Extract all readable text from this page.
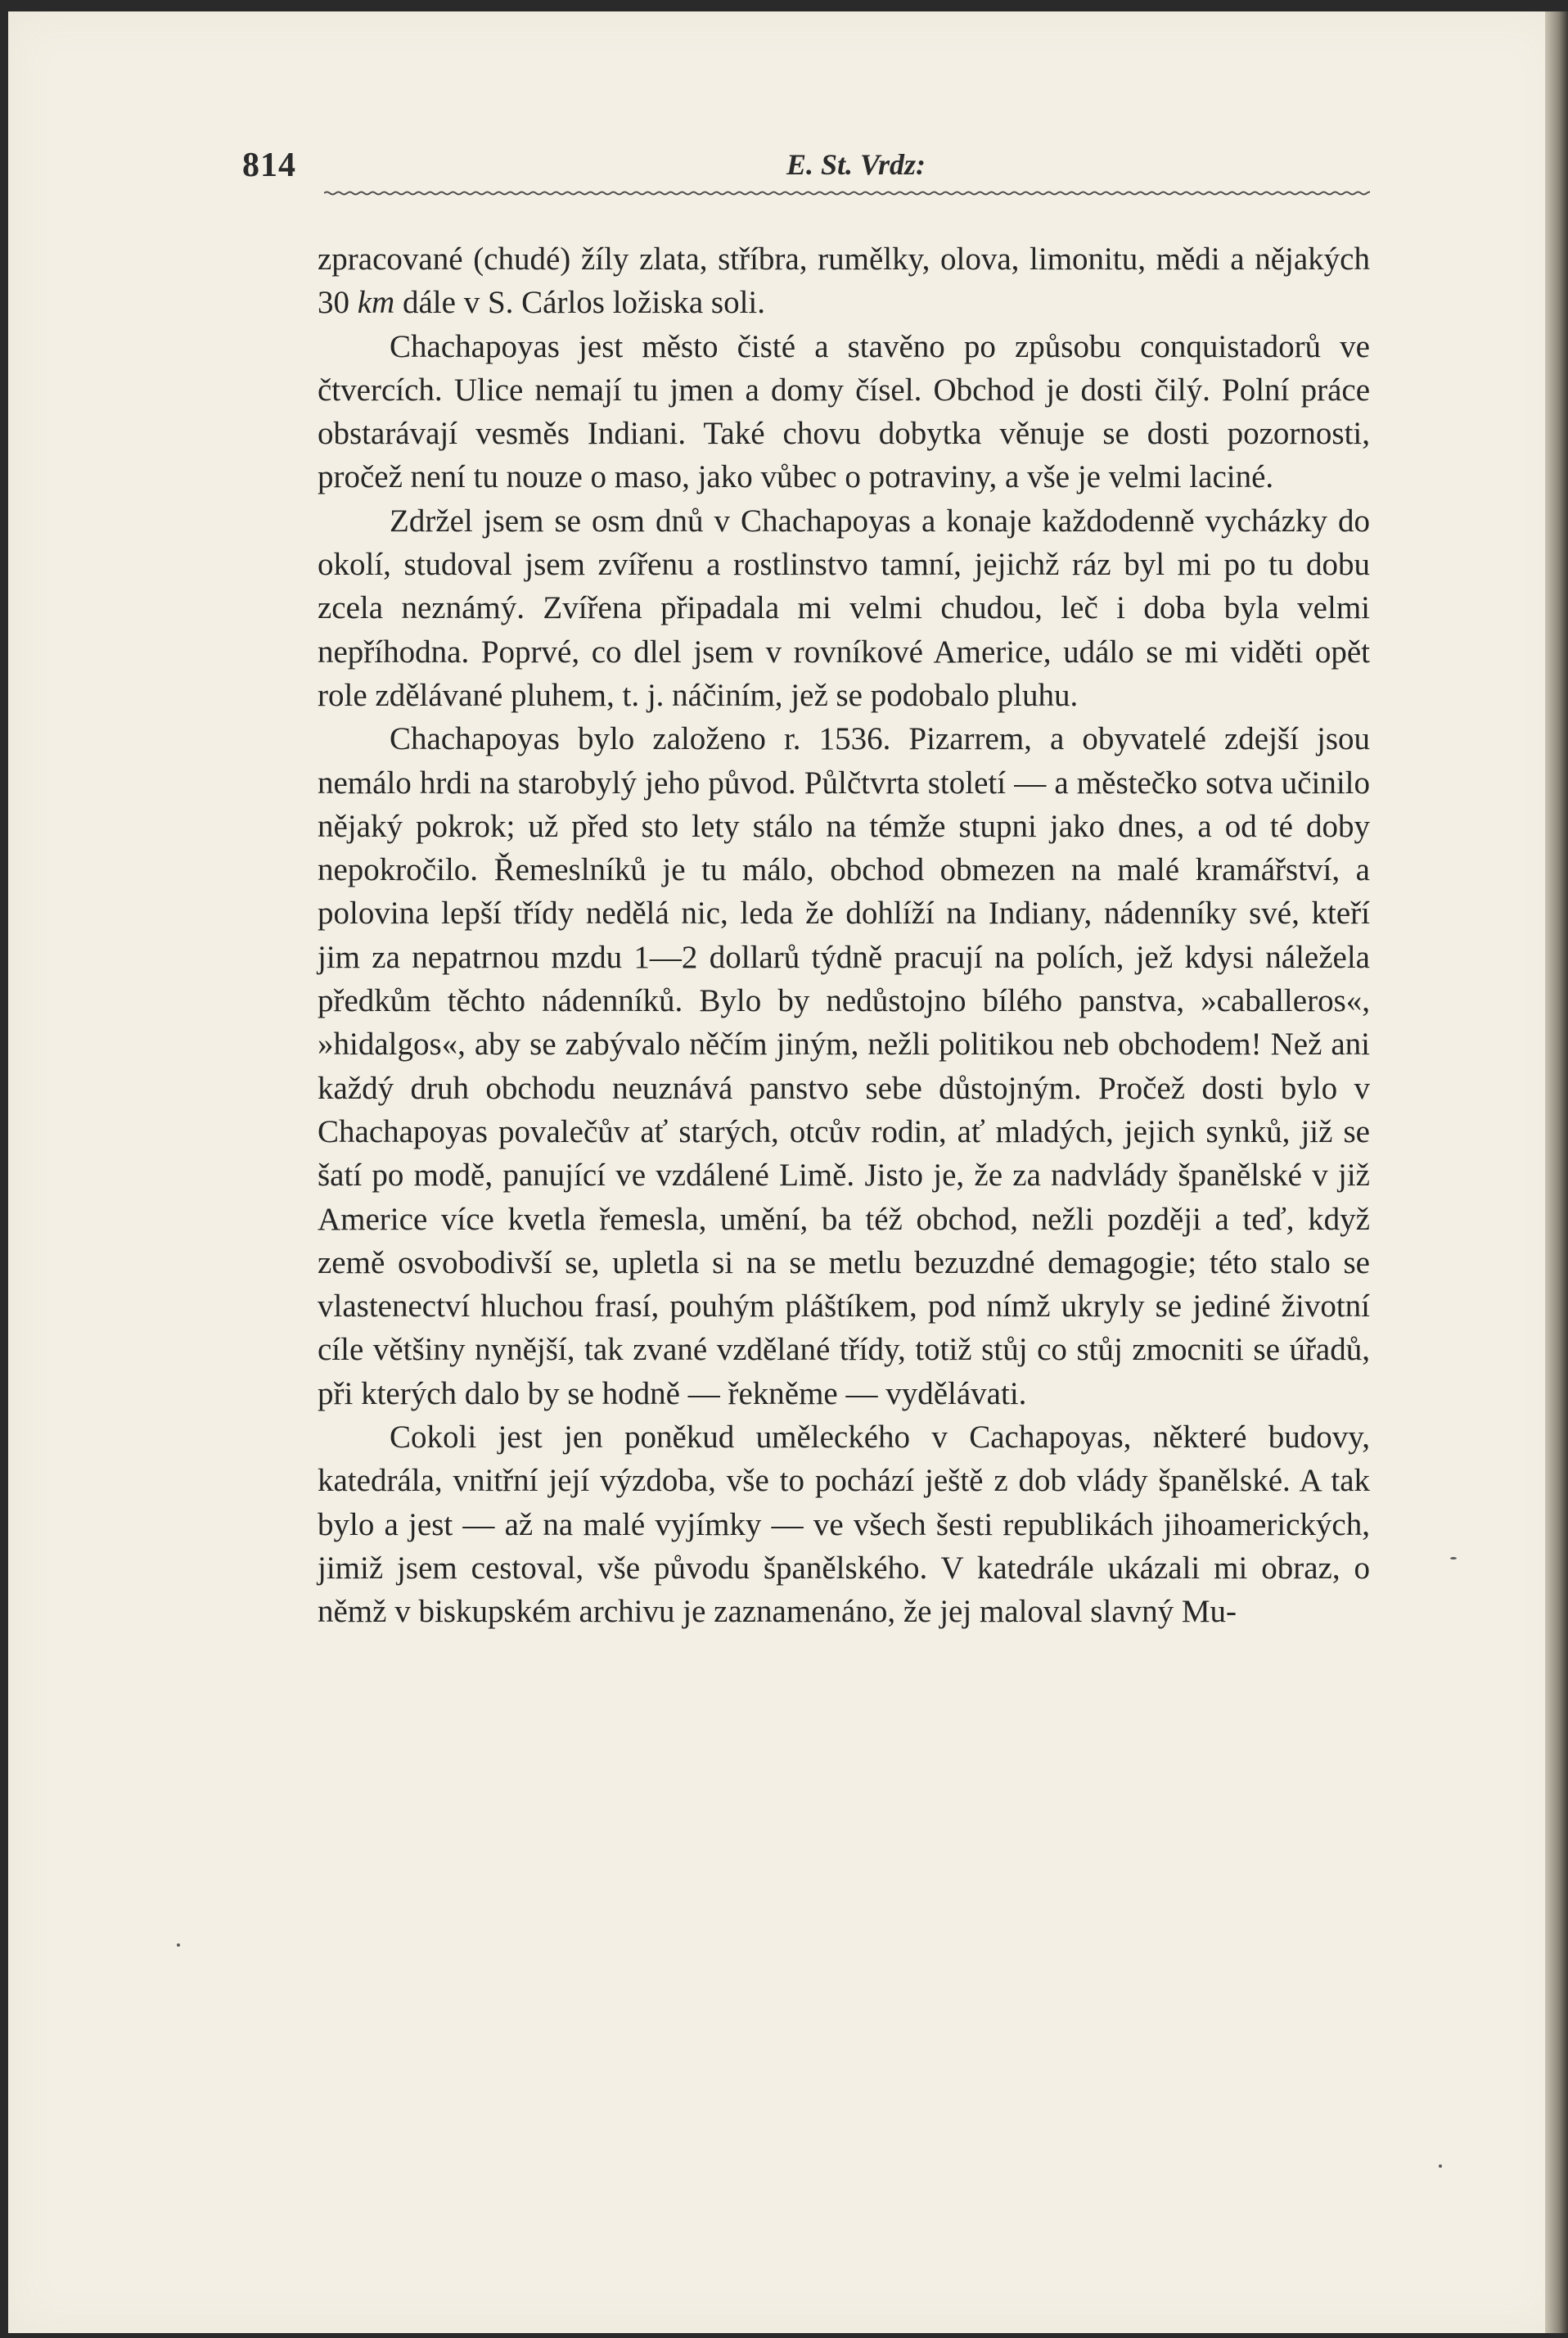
814	E. St. Vrdz:

zpracované (chudé) žíly zlata, stříbra, rumělky, olova, limonitu, mědi a nějakých 30 km dále v S. Cárlos ložiska soli.

Chachapoyas jest město čisté a stavěno po způsobu conquistadorů ve čtvercích. Ulice nemají tu jmen a domy čísel. Obchod je dosti čilý. Polní práce obstarávají vesměs Indiani. Také chovu dobytka věnuje se dosti pozornosti, pročež není tu nouze o maso, jako vůbec o potraviny, a vše je velmi laciné.

Zdržel jsem se osm dnů v Chachapoyas a konaje každodenně vycházky do okolí, studoval jsem zvířenu a rostlinstvo tamní, jejichž ráz byl mi po tu dobu zcela neznámý. Zvířena připadala mi velmi chudou, leč i doba byla velmi nepříhodna. Poprvé, co dlel jsem v rovníkové Americe, událo se mi viděti opět role zdělávané pluhem, t. j. náčiním, jež se podobalo pluhu.

Chachapoyas bylo založeno r. 1536. Pizarrem, a obyvatelé zdejší jsou nemálo hrdi na starobylý jeho původ. Půlčtvrta století — a městečko sotva učinilo nějaký pokrok; už před sto lety stálo na témže stupni jako dnes, a od té doby nepokročilo. Řemeslníků je tu málo, obchod obmezen na malé kramářství, a polovina lepší třídy nedělá nic, leda že dohlíží na Indiany, nádenníky své, kteří jim za nepatrnou mzdu 1—2 dollarů týdně pracují na polích, jež kdysi náležela předkům těchto nádenníků. Bylo by nedůstojno bílého panstva, »caballeros«, »hidalgos«, aby se zabývalo něčím jiným, nežli politikou neb obchodem! Než ani každý druh obchodu neuznává panstvo sebe důstojným. Pročež dosti bylo v Chachapoyas povalečův ať starých, otcův rodin, ať mladých, jejich synků, již se šatí po modě, panující ve vzdálené Limě. Jisto je, že za nadvlády španělské v již Americe více kvetla řemesla, umění, ba též obchod, nežli později a teď, když země osvobodivší se, upletla si na se metlu bezuzdné demagogie; této stalo se vlastenectví hluchou frasí, pouhým pláštíkem, pod nímž ukryly se jediné životní cíle většiny nynější, tak zvané vzdělané třídy, totiž stůj co stůj zmocniti se úřadů, při kterých dalo by se hodně — řekněme — vydělávati.

Cokoli jest jen poněkud uměleckého v Cachapoyas, některé budovy, katedrála, vnitřní její výzdoba, vše to pochází ještě z dob vlády španělské. A tak bylo a jest — až na malé vyjímky — ve všech šesti republikách jihoamerických, jimiž jsem cestoval, vše původu španělského. V katedrále ukázali mi obraz, o němž v biskupském archivu je zaznamenáno, že jej maloval slavný Mu-
